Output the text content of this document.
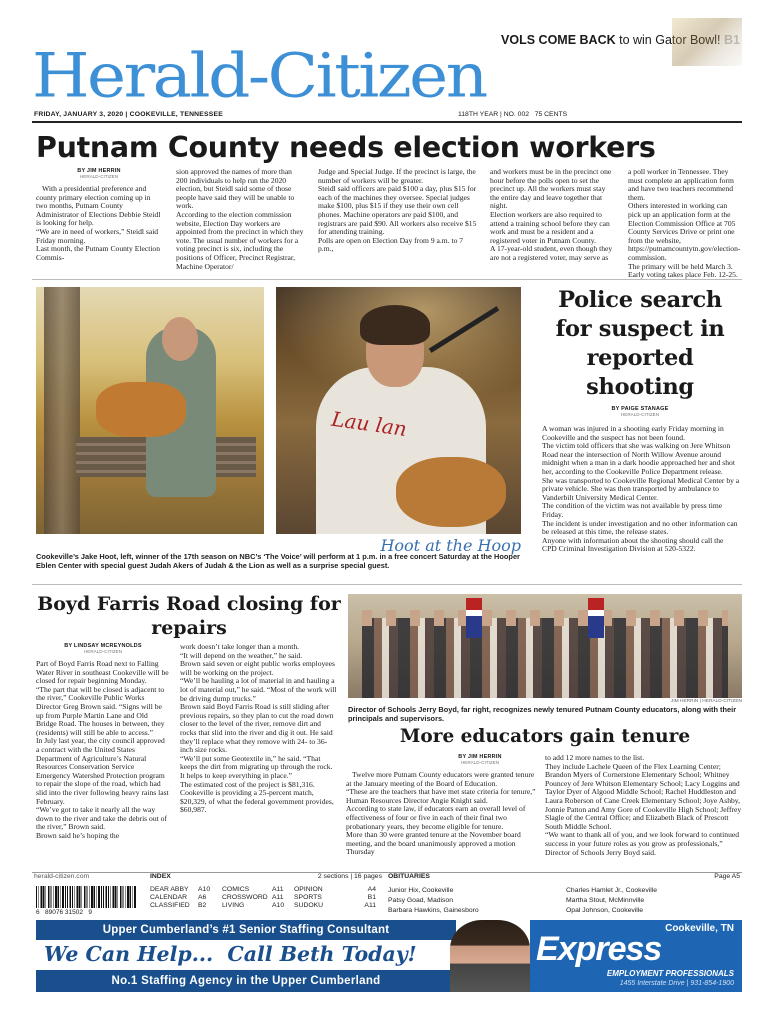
VOLS COME BACK to win Gator Bowl! B1
Herald-Citizen
FRIDAY, JANUARY 3, 2020 | COOKEVILLE, TENNESSEE	118TH YEAR | NO. 002   75 CENTS
Putnam County needs election workers
BY JIM HERRIN
HERALD-CITIZEN
With a presidential preference and county primary election coming up in two months, Putnam County Administrator of Elections Debbie Steidl is looking for help.
“We are in need of workers,” Steidl said Friday morning.
Last month, the Putnam County Election Commis-
sion approved the names of more than 200 individuals to help run the 2020 election, but Steidl said some of those people have said they will be unable to work.
According to the election commission website, Election Day workers are appointed from the precinct in which they vote. The usual number of workers for a voting precinct is six, including the positions of Officer, Precinct Registrar, Machine Operator/
Judge and Special Judge. If the precinct is large, the number of workers will be greater.
Steidl said officers are paid $100 a day, plus $15 for each of the machines they oversee. Special judges make $100, plus $15 if they use their own cell phones. Machine operators are paid $100, and registrars are paid $90. All workers also receive $15 for attending training.
Polls are open on Election Day from 9 a.m. to 7 p.m.,
and workers must be in the precinct one hour before the polls open to set the precinct up. All the workers must stay the entire day and leave together that night.
Election workers are also required to attend a training school before they can work and must be a resident and a registered voter in Putnam County.
A 17-year-old student, even though they are not a registered voter, may serve as
a poll worker in Tennessee. They must complete an application form and have two teachers recommend them.
Others interested in working can pick up an application form at the Election Commission Office at 705 County Services Drive or print one from the website, https://putnamcountytn.gov/election-commission.
The primary will be held March 3. Early voting takes place Feb. 12-25.
Lau lan
Hoot at the Hoop
Cookeville’s Jake Hoot, left, winner of the 17th season on NBC’s ‘The Voice’ will perform at 1 p.m. in a free concert Saturday at the Hooper Eblen Center with special guest Judah Akers of Judah & the Lion as well as a surprise special guest.
Police search for suspect in reported shooting
BY PAIGE STANAGE
HERALD-CITIZEN
A woman was injured in a shooting early Friday morning in Cookeville and the suspect has not been found.
The victim told officers that she was walking on Jere Whitson Road near the intersection of North Willow Avenue around midnight when a man in a dark hoodie approached her and shot her, according to the Cookeville Police Department release.
She was transported to Cookeville Regional Medical Center by a private vehicle. She was then transported by ambulance to Vanderbilt University Medical Center.
The condition of the victim was not available by press time Friday.
The incident is under investigation and no other information can be released at this time, the release states.
Anyone with information about the shooting should call the CPD Criminal Investigation Division at 520-5322.
Boyd Farris Road closing for repairs
BY LINDSAY MCREYNOLDS
HERALD-CITIZEN
Part of Boyd Farris Road next to Falling Water River in southeast Cookeville will be closed for repair beginning Monday.
“The part that will be closed is adjacent to the river,” Cookeville Public Works Director Greg Brown said. “Signs will be up from Purple Martin Lane and Old Bridge Road. The houses in between, they (residents) will still be able to access.”
In July last year, the city council approved a contract with the United States Department of Agriculture’s Natural Resources Conservation Service Emergency Watershed Protection program to repair the slope of the road, which had slid into the river following heavy rains last February.
“We’ve got to take it nearly all the way down to the river and take the debris out of the river,” Brown said.
Brown said he’s hoping the
work doesn’t take longer than a month.
“It will depend on the weather,” he said.
Brown said seven or eight public works employees will be working on the project.
“We’ll be hauling a lot of material in and hauling a lot of material out,” he said. “Most of the work will be driving dump trucks.”
Brown said Boyd Farris Road is still sliding after previous repairs, so they plan to cut the road down closer to the level of the river, remove dirt and rocks that slid into the river and dig it out. He said they’ll replace what they remove with 24- to 36-inch size rocks.
“We’ll put some Geotextile in,” he said. “That keeps the dirt from migrating up through the rock. It helps to keep everything in place.”
The estimated cost of the project is $81,316. Cookeville is providing a 25-percent match, $20,329, of what the federal government provides, $60,987.
JIM HERRIN | HERALD-CITIZEN
Director of Schools Jerry Boyd, far right, recognizes newly tenured Putnam County educators, along with their principals and supervisors.
More educators gain tenure
BY JIM HERRIN
HERALD-CITIZEN
Twelve more Putnam County educators were granted tenure at the January meeting of the Board of Education.
“These are the teachers that have met state criteria for tenure,” Human Resources Director Angie Knight said.
According to state law, if educators earn an overall level of effectiveness of four or five in each of their final two probationary years, they become eligible for tenure.
More than 30 were granted tenure at the November board meeting, and the board unanimously approved a motion Thursday
to add 12 more names to the list.
They include Lachele Queen of the Flex Learning Center; Brandon Myers of Cornerstone Elementary School; Whitney Pouncey of Jere Whitson Elementary School; Lacy Loggins and Taylor Dyer of Algood Middle School; Rachel Huddleston and Laura Roberson of Cane Creek Elementary School; Joye Ashby, Jonnie Patton and Amy Gore of Cookeville High School; Jeffrey Slagle of the Central Office; and Elizabeth Black of Prescott South Middle School.
“We want to thank all of you, and we look forward to continued success in your future roles as you grow as professionals,” Director of Schools Jerry Boyd said.
herald-citizen.com
6   89076 31502   9
INDEX	2 sections | 16 pages
DEAR ABBY	A10	COMICS	A11	OPINION	A4
CALENDAR	A6	CROSSWORD A11	SPORTS	B1
CLASSIFIED	B2	LIVING	A10	SUDOKU	A11
OBITUARIES	Page A5
Junior Hix, Cookeville
Patsy Goad, Madison
Barbara Hawkins, Gainesboro
Charles Hamlet Jr., Cookeville
Martha Stout, McMinnville
Opal Johnson, Cookeville
Upper Cumberland’s #1 Senior Staffing Consultant
We Can Help...  Call Beth Today!
No.1 Staffing Agency in the Upper Cumberland
Cookeville, TN
Express
EMPLOYMENT PROFESSIONALS
1455 Interstate Drive | 931-854-1900
